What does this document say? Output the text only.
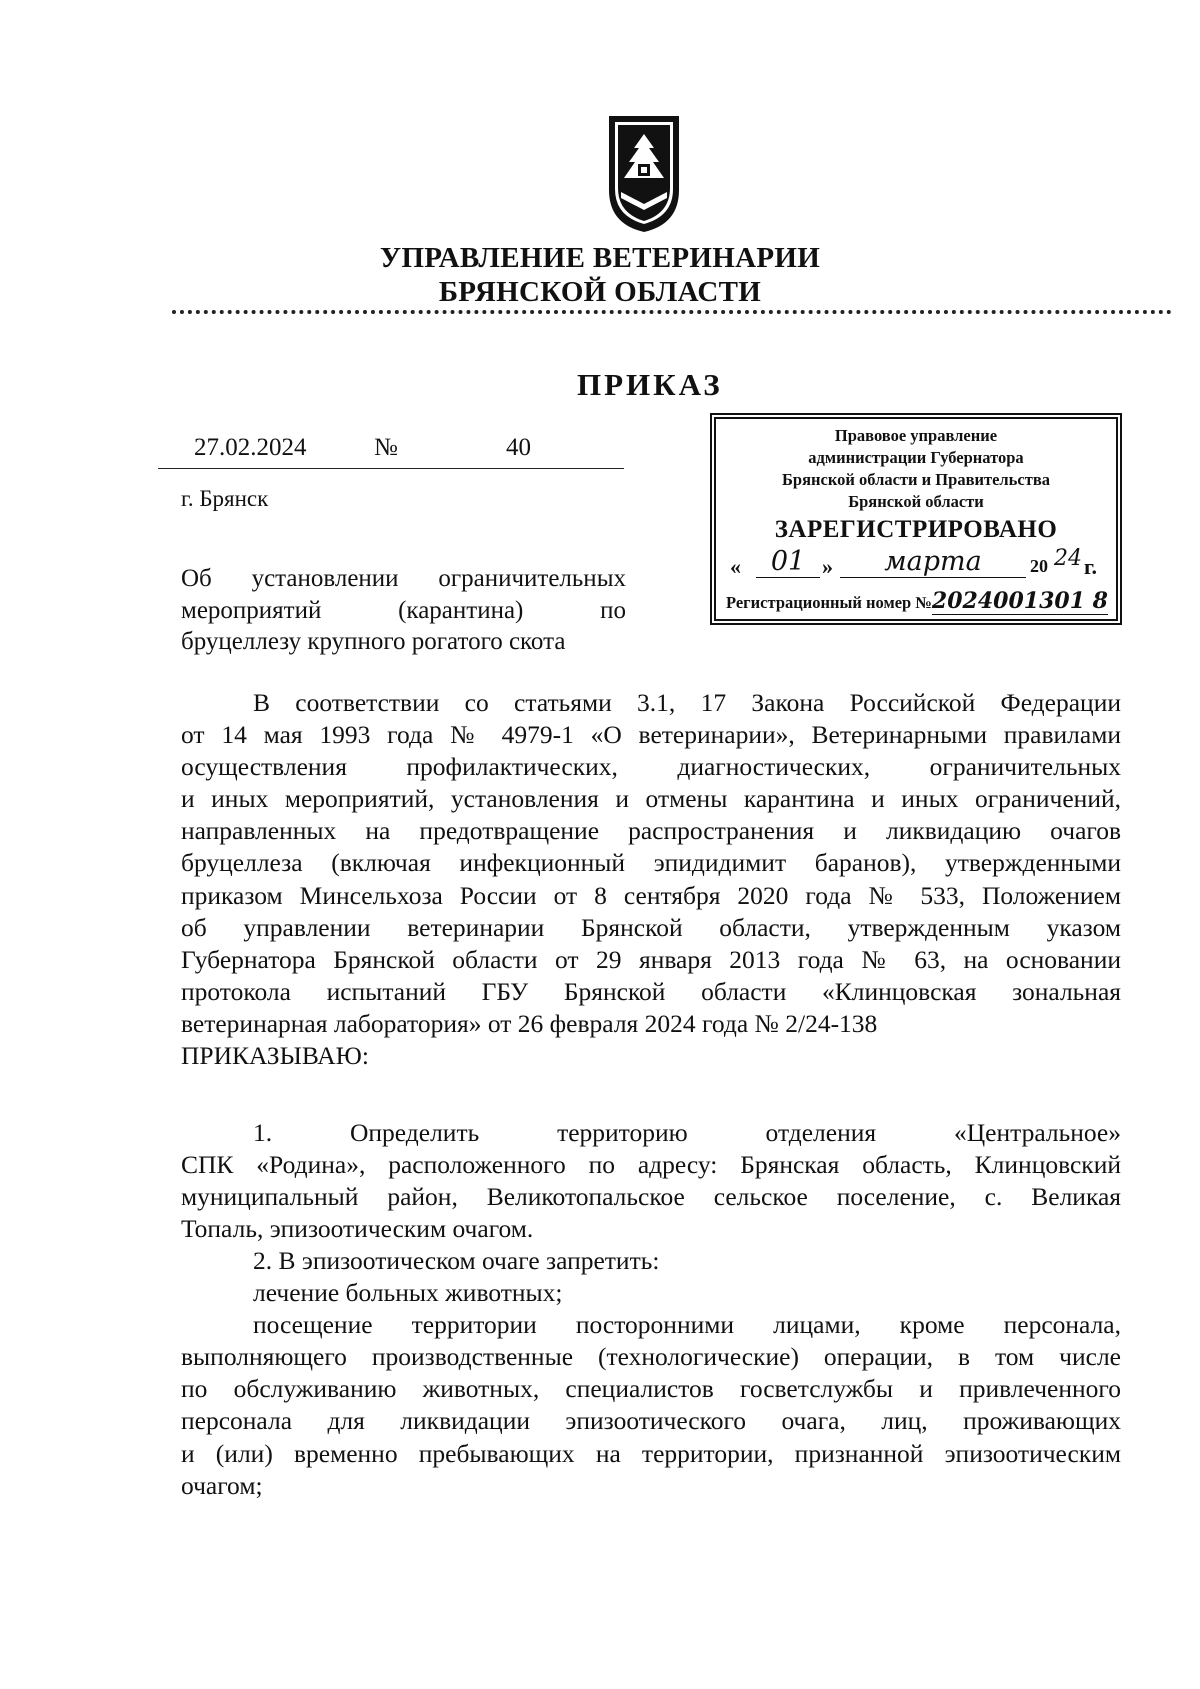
УПРАВЛЕНИЕ ВЕТЕРИНАРИИ
БРЯНСКОЙ ОБЛАСТИ
ПРИКАЗ
27.02.2024	№	40
г. Брянск
Об установлении ограничительных
мероприятий (карантина) по
бруцеллезу крупного рогатого скота
Правовое управление
администрации Губернатора
Брянской области и Правительства
Брянской области
ЗАРЕГИСТРИРОВАНО
«	01 »	марта	20 24 г.
Регистрационный номер №2024001301 8
В соответствии со статьями 3.1, 17 Закона Российской Федерации
от 14 мая 1993 года № 4979-1 «О ветеринарии», Ветеринарными правилами
осуществления профилактических, диагностических, ограничительных
и иных мероприятий, установления и отмены карантина и иных ограничений,
направленных на предотвращение распространения и ликвидацию очагов
бруцеллеза (включая инфекционный эпидидимит баранов), утвержденными
приказом Минсельхоза России от 8 сентября 2020 года № 533, Положением
об управлении ветеринарии Брянской области, утвержденным указом
Губернатора Брянской области от 29 января 2013 года № 63, на основании
протокола испытаний ГБУ Брянской области «Клинцовская зональная
ветеринарная лаборатория» от 26 февраля 2024 года № 2/24-138
ПРИКАЗЫВАЮ:
1. Определить территорию отделения «Центральное»
СПК «Родина», расположенного по адресу: Брянская область, Клинцовский
муниципальный район, Великотопальское сельское поселение, с. Великая
Топаль, эпизоотическим очагом.
2. В эпизоотическом очаге запретить:
лечение больных животных;
посещение территории посторонними лицами, кроме персонала,
выполняющего производственные (технологические) операции, в том числе
по обслуживанию животных, специалистов госветслужбы и привлеченного
персонала для ликвидации эпизоотического очага, лиц, проживающих
и (или) временно пребывающих на территории, признанной эпизоотическим
очагом;
